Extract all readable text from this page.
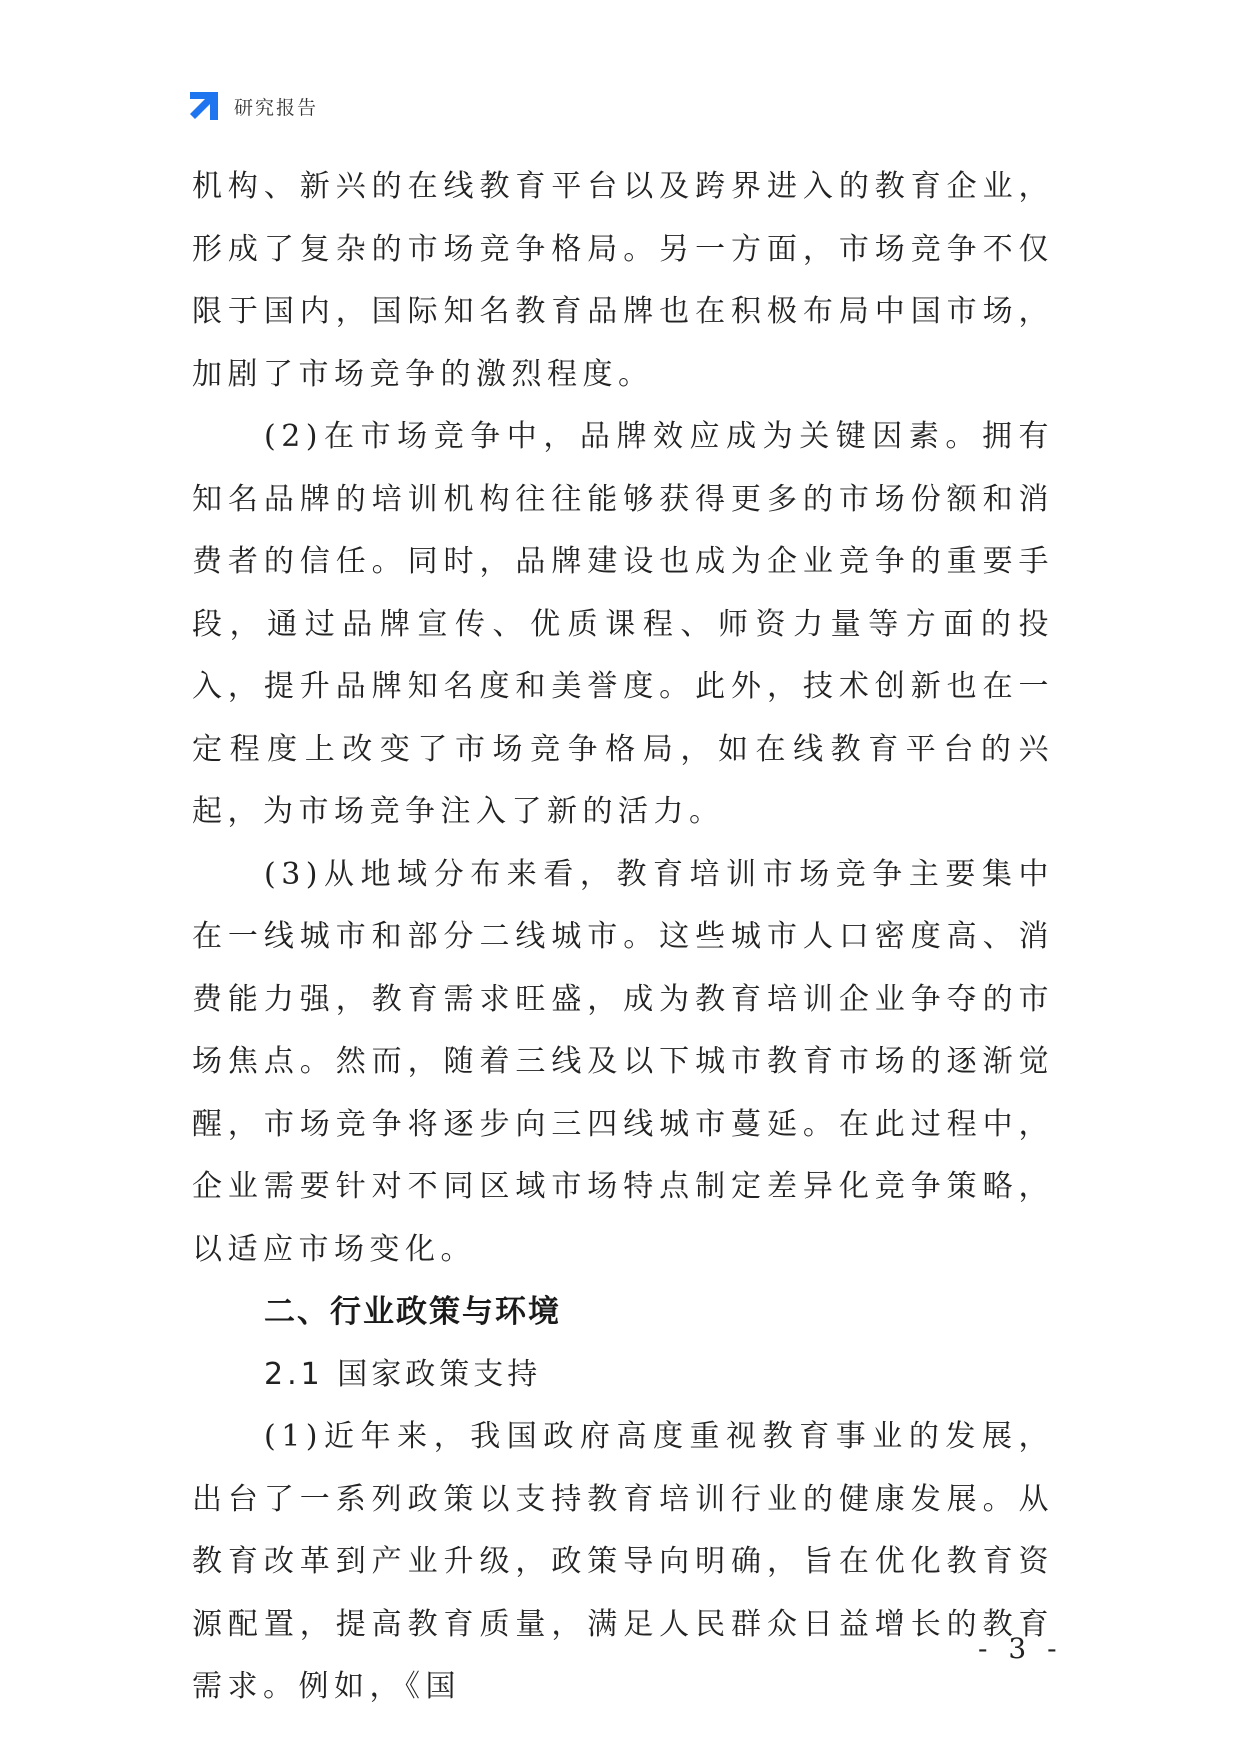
研究报告

机构、新兴的在线教育平台以及跨界进入的教育企业，形成了复杂的市场竞争格局。另一方面，市场竞争不仅限于国内，国际知名教育品牌也在积极布局中国市场，加剧了市场竞争的激烈程度。

(2)在市场竞争中，品牌效应成为关键因素。拥有知名品牌的培训机构往往能够获得更多的市场份额和消费者的信任。同时，品牌建设也成为企业竞争的重要手段，通过品牌宣传、优质课程、师资力量等方面的投入，提升品牌知名度和美誉度。此外，技术创新也在一定程度上改变了市场竞争格局，如在线教育平台的兴起，为市场竞争注入了新的活力。

(3)从地域分布来看，教育培训市场竞争主要集中在一线城市和部分二线城市。这些城市人口密度高、消费能力强，教育需求旺盛，成为教育培训企业争夺的市场焦点。然而，随着三线及以下城市教育市场的逐渐觉醒，市场竞争将逐步向三四线城市蔓延。在此过程中，企业需要针对不同区域市场特点制定差异化竞争策略，以适应市场变化。

二、行业政策与环境

2.1 国家政策支持

(1)近年来，我国政府高度重视教育事业的发展，出台了一系列政策以支持教育培训行业的健康发展。从教育改革到产业升级，政策导向明确，旨在优化教育资源配置，提高教育质量，满足人民群众日益增长的教育需求。例如，《国

- 3 -
